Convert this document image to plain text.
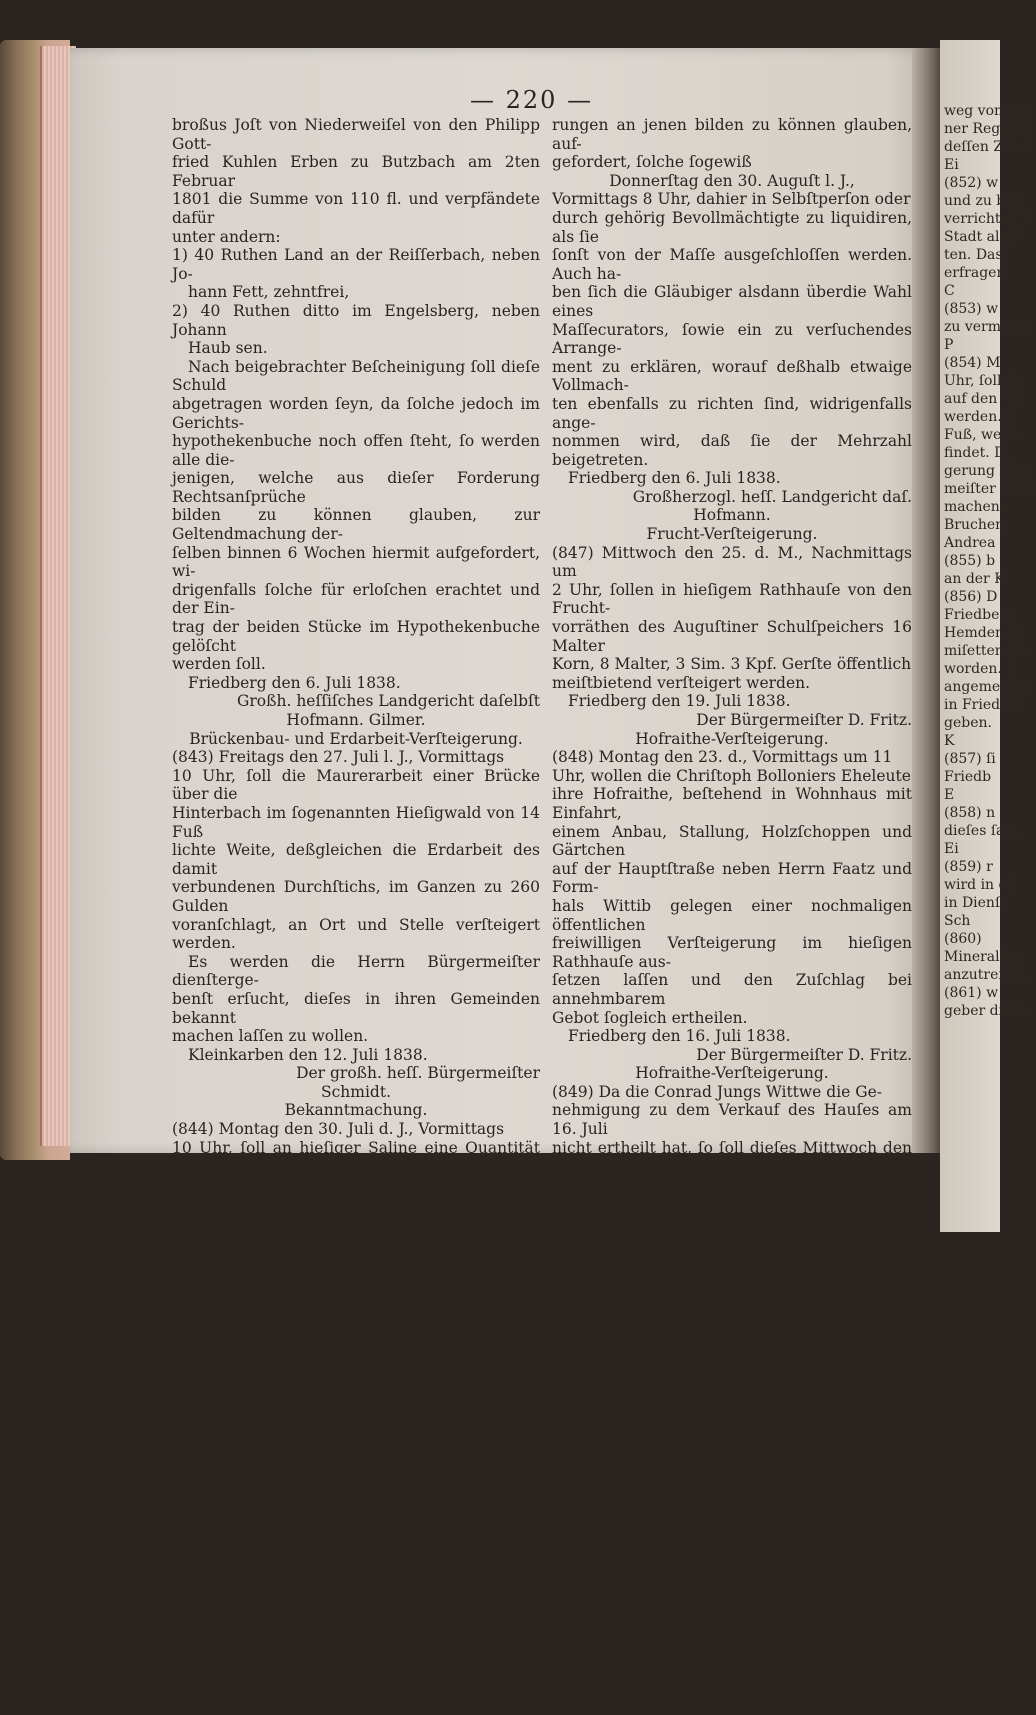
weg von De
ner Regensc
deſſen Zurü
Ei
(852) w
und zu beh
verrichten n
Stadt als P
ten. Das
erfragen.
C
(853) w
zu vermieth
P
(854) M
Uhr, ſoll de
auf den Ab
werden. D
Fuß, welch
findet. Di
gerung bela
meiſter werd
machen.
Bruchen
Andrea
(855) b
an der Ki
(856) D
Friedberg
Hemden, 5
miſetten un
worden. I
angemeſſen
in Friedber
geben.
K
(857) ſi
Friedb
E
(858) n
dieſes ſagt
Ei
(859) r
wird in ei
in Dienſt
Sch
(860)
Mineralbru
anzutreffen,
(861) w
geber dieſes
— 220 —
broßus Joſt von Niederweiſel von den Philipp Gott-
fried Kuhlen Erben zu Butzbach am 2ten Februar
1801 die Summe von 110 fl. und verpfändete dafür
unter andern:
1) 40 Ruthen Land an der Reiſſerbach, neben Jo-
hann Fett, zehntfrei,
2) 40 Ruthen ditto im Engelsberg, neben Johann
Haub sen.
Nach beigebrachter Beſcheinigung ſoll dieſe Schuld
abgetragen worden ſeyn, da ſolche jedoch im Gerichts-
hypothekenbuche noch offen ſteht, ſo werden alle die-
jenigen, welche aus dieſer Forderung Rechtsanſprüche
bilden zu können glauben, zur Geltendmachung der-
ſelben binnen 6 Wochen hiermit aufgefordert, wi-
drigenfalls ſolche für erloſchen erachtet und der Ein-
trag der beiden Stücke im Hypothekenbuche gelöſcht
werden ſoll.
Friedberg den 6. Juli 1838.
Großh. heſſiſches Landgericht daſelbſt
Hofmann. Gilmer.
Brückenbau- und Erdarbeit-Verſteigerung.
(843) Freitags den 27. Juli l. J., Vormittags
10 Uhr, ſoll die Maurerarbeit einer Brücke über die
Hinterbach im ſogenannten Hieſigwald von 14 Fuß
lichte Weite, deßgleichen die Erdarbeit des damit
verbundenen Durchſtichs, im Ganzen zu 260 Gulden
voranſchlagt, an Ort und Stelle verſteigert werden.
Es werden die Herrn Bürgermeiſter dienſterge-
benſt erſucht, dieſes in ihren Gemeinden bekannt
machen laſſen zu wollen.
Kleinkarben den 12. Juli 1838.
Der großh. heſſ. Bürgermeiſter
Schmidt.
Bekanntmachung.
(844) Montag den 30. Juli d. J., Vormittags
10 Uhr, ſoll an hieſiger Saline eine Quantität Brod-
frucht dem Wenigſtnehmenden in Lieferung übergeben
werden, welches den dazu Luſttragenden hierdurch
zur Nachricht dient.
Nauheim den 16. Juli 1838.
Kurfürſtliches Salzamt,
Wille. Meinhard. Wilhelmi. Weiß.
Frucht-Verſteigerung.
(845) Donnerſtag den 26. d. M., Morgens 8
Uhr, ſoll auf dem Gemeinde-Hauſe zu Niedermörlen
der noch Reſt von ungefähr 5 Malter Gemeindes-
Korn gegen gleich baare Zahlung verſteigert werden,
welches man zur öffentlichen Kenntniß bringt.
Niedermörlen den 16. Juli 1838.
Der großh. heſſ. Bürgermeiſter
Dey.
Edictalladung.
(846) Nachdem großherz. Hofgericht der Provinz
Oberheſſen über das Vermögen des Conrad Haub VI.
zu Niederweiſel den förmlichen Concursproceß er-
kannt hat, ſo werden alle diejenigen, welche Forde-
rungen an jenen bilden zu können glauben, auf-
gefordert, ſolche ſogewiß
Donnerſtag den 30. Auguſt l. J.,
Vormittags 8 Uhr, dahier in Selbſtperſon oder
durch gehörig Bevollmächtigte zu liquidiren, als ſie
ſonſt von der Maſſe ausgeſchloſſen werden. Auch ha-
ben ſich die Gläubiger alsdann überdie Wahl eines
Maſſecurators, ſowie ein zu verſuchendes Arrange-
ment zu erklären, worauf deßhalb etwaige Vollmach-
ten ebenfalls zu richten ſind, widrigenfalls ange-
nommen wird, daß ſie der Mehrzahl beigetreten.
Friedberg den 6. Juli 1838.
Großherzogl. heſſ. Landgericht daſ.
Hofmann.
Frucht-Verſteigerung.
(847) Mittwoch den 25. d. M., Nachmittags um
2 Uhr, ſollen in hieſigem Rathhauſe von den Frucht-
vorräthen des Auguſtiner Schulſpeichers 16 Malter
Korn, 8 Malter, 3 Sim. 3 Kpf. Gerſte öffentlich
meiſtbietend verſteigert werden.
Friedberg den 19. Juli 1838.
Der Bürgermeiſter D. Fritz.
Hofraithe-Verſteigerung.
(848) Montag den 23. d., Vormittags um 11
Uhr, wollen die Chriſtoph Bolloniers Eheleute
ihre Hofraithe, beſtehend in Wohnhaus mit Einfahrt,
einem Anbau, Stallung, Holzſchoppen und Gärtchen
auf der Hauptſtraße neben Herrn Faatz und Form-
hals Wittib gelegen einer nochmaligen öffentlichen
freiwilligen Verſteigerung im hieſigen Rathhauſe aus-
ſetzen laſſen und den Zuſchlag bei annehmbarem
Gebot ſogleich ertheilen.
Friedberg den 16. Juli 1838.
Der Bürgermeiſter D. Fritz.
Hofraithe-Verſteigerung.
(849) Da die Conrad Jungs Wittwe die Ge-
nehmigung zu dem Verkauf des Hauſes am 16. Juli
nicht ertheilt hat, ſo ſoll dieſes Mittwoch den 25.
Juli, Nachmittags um 3 Uhr, einer nochmaligen
Verſteigerung im hieſigen Rathhauſe ausgeſetzt wer-
den. Die Hofraithe beſteht in Wohnhaus und
Garten an Jacob Groß und Heinrich Klein.
Friedberg den 19. Juli 1838.
Der Bürgermeiſter D. Fritz.
Fiſcherei-Verpachtung.
(850) Die Fiſcherei in der Wetter von der
Wiſſelsheimer Grenze bis zu dem Salinen-Kunſtrad
bei Schwalheim ſoll nächſtkommenden Dienſtag den
24. Juli l. J., Nachmittags um 4 Uhr, auf hieſigem
Rathhauſe meiſtbietend verpachtet werden.
Friedberg den 19. Juli 1838.
Der Bürgermeiſter D. Fritz.
∿∿∿∿∿∿∿∿∿∿
Privat-Bekanntmachungen.
Verloren.
(851) Vergangenen Sonntag wurde auf dem Fahr-
